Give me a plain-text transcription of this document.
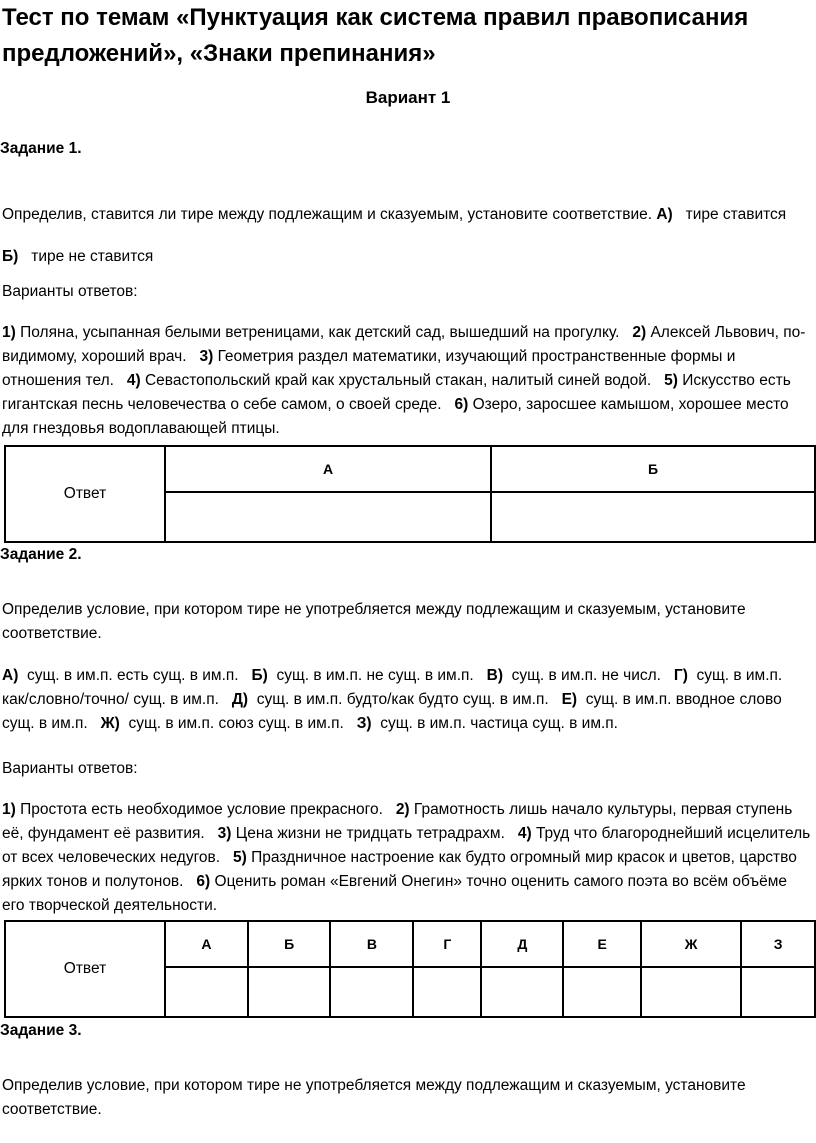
Тест по темам «Пунктуация как система правил правописания предложений», «Знаки препинания»
Вариант 1
Задание 1.
Определив, ставится ли тире между подлежащим и сказуемым, установите соответствие. А) тире ставится    Б) тире не ставится
Варианты ответов:
1) Поляна, усыпанная белыми ветреницами, как детский сад, вышедший на прогулку. 2) Алексей Львович, по-видимому, хороший врач. 3) Геометрия раздел математики, изучающий пространственные формы и отношения тел. 4) Севастопольский край как хрустальный стакан, налитый синей водой. 5) Искусство есть гигантская песнь человечества о себе самом, о своей среде. 6) Озеро, заросшее камышом, хорошее место для гнездовья водоплавающей птицы.
Ответ	А	Б

Задание 2.
Определив условие, при котором тире не употребляется между подлежащим и сказуемым, установите соответствие.
А) сущ. в им.п. есть сущ. в им.п. Б) сущ. в им.п. не сущ. в им.п. В) сущ. в им.п. не числ. Г) сущ. в им.п. как/словно/точно/ сущ. в им.п. Д) сущ. в им.п. будто/как будто сущ. в им.п. Е) сущ. в им.п. вводное слово сущ. в им.п. Ж) сущ. в им.п. союз сущ. в им.п. З) сущ. в им.п. частица сущ. в им.п.
Варианты ответов:
1) Простота есть необходимое условие прекрасного. 2) Грамотность лишь начало культуры, первая ступень её, фундамент её развития. 3) Цена жизни не тридцать тетрадрахм. 4) Труд что благороднейший исцелитель от всех человеческих недугов. 5) Праздничное настроение как будто огромный мир красок и цветов, царство ярких тонов и полутонов. 6) Оценить роман «Евгений Онегин» точно оценить самого поэта во всём объёме его творческой деятельности.
Ответ	А	Б	В	Г	Д	Е	Ж	З

Задание 3.
Определив условие, при котором тире не употребляется между подлежащим и сказуемым, установите соответствие.
